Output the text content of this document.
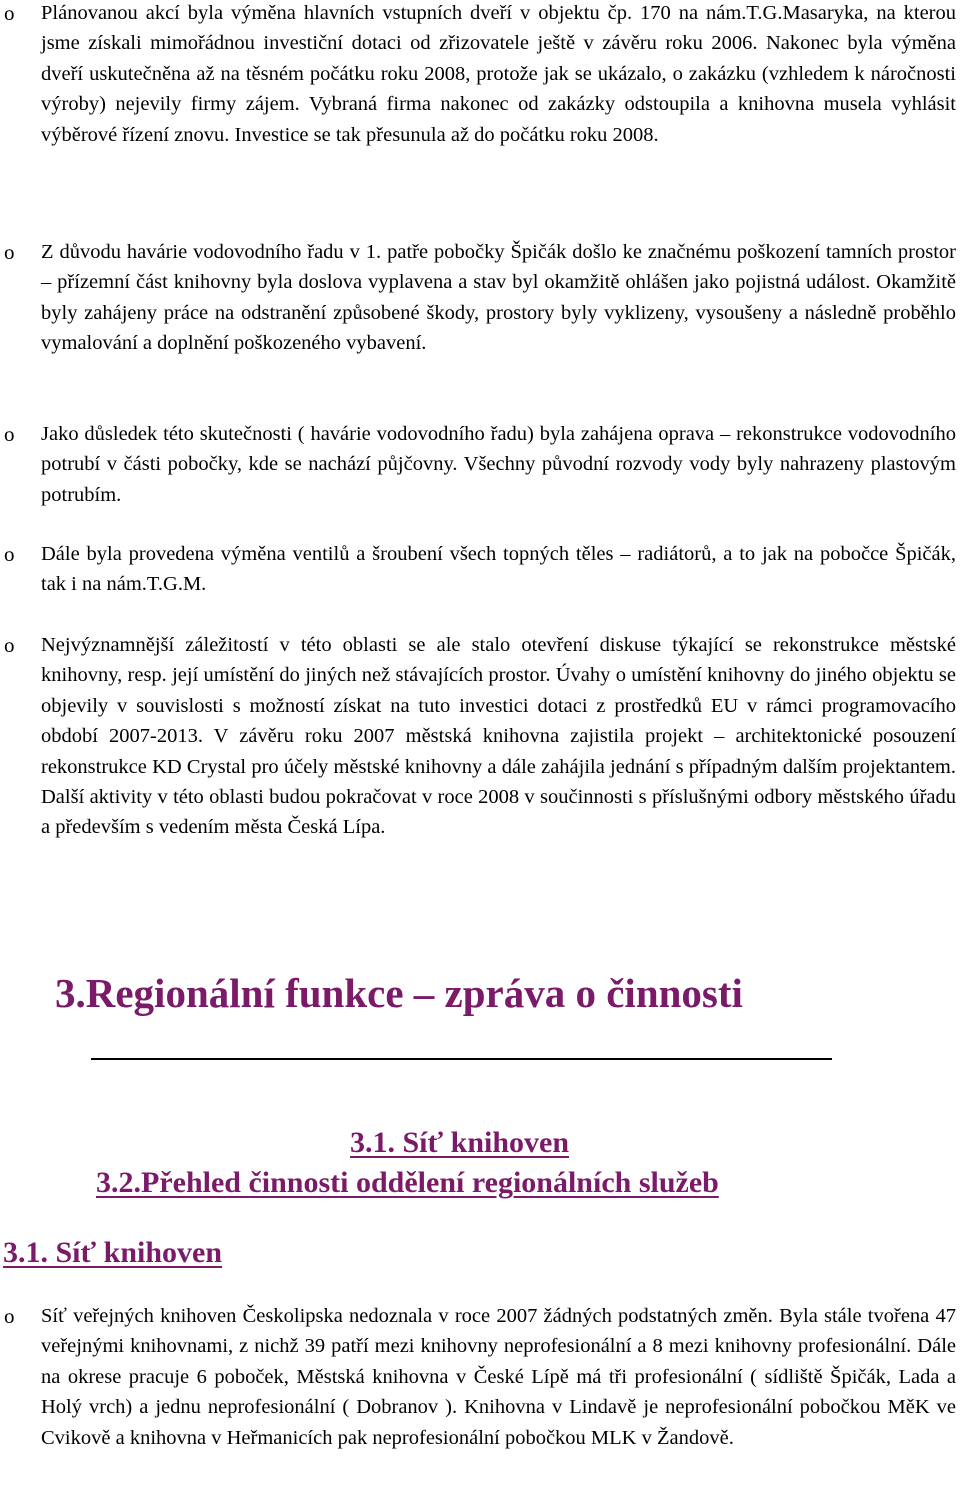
o Plánovanou akcí byla výměna hlavních vstupních dveří v objektu čp. 170 na nám.T.G.Masaryka, na kterou jsme získali mimořádnou investiční dotaci od zřizovatele ještě v závěru roku 2006. Nakonec byla výměna dveří uskutečněna až na těsném počátku roku 2008, protože jak se ukázalo, o zakázku (vzhledem k náročnosti výroby) nejevily firmy zájem. Vybraná firma nakonec od zakázky odstoupila a knihovna musela vyhlásit výběrové řízení znovu. Investice se tak přesunula až do počátku roku 2008.
o Z důvodu havárie vodovodního řadu v 1. patře pobočky Špičák došlo ke značnému poškození tamních prostor – přízemní část knihovny byla doslova vyplavena a stav byl okamžitě ohlášen jako pojistná událost. Okamžitě byly zahájeny práce na odstranění způsobené škody, prostory byly vyklizeny, vysoušeny a následně proběhlo vymalování a doplnění poškozeného vybavení.
o Jako důsledek této skutečnosti ( havárie vodovodního řadu) byla zahájena oprava – rekonstrukce vodovodního potrubí v části pobočky, kde se nachází půjčovny. Všechny původní rozvody vody byly nahrazeny plastovým potrubím.
o Dále byla provedena výměna ventilů a šroubení všech topných těles – radiátorů, a to jak na pobočce Špičák, tak i na nám.T.G.M.
o Nejvýznamnější záležitostí v této oblasti se ale stalo otevření diskuse týkající se rekonstrukce městské knihovny, resp. její umístění do jiných než stávajících prostor. Úvahy o umístění knihovny do jiného objektu se objevily v souvislosti s možností získat na tuto investici dotaci z prostředků EU v rámci programovacího období 2007-2013. V závěru roku 2007 městská knihovna zajistila projekt – architektonické posouzení rekonstrukce KD Crystal pro účely městské knihovny a dále zahájila jednání s případným dalším projektantem. Další aktivity v této oblasti budou pokračovat v roce 2008 v součinnosti s příslušnými odbory městského úřadu a především s vedením města Česká Lípa.
3.Regionální funkce – zpráva o činnosti
3.1. Síť knihoven
3.2.Přehled činnosti oddělení regionálních služeb
3.1. Síť knihoven
o Síť veřejných knihoven Českolipska nedoznala v roce 2007 žádných podstatných změn. Byla stále tvořena 47 veřejnými knihovnami, z nichž 39 patří mezi knihovny neprofesionální a 8 mezi knihovny profesionální. Dále na okrese pracuje 6 poboček, Městská knihovna v České Lípě má tři profesionální ( sídliště Špičák, Lada a Holý vrch) a jednu neprofesionální ( Dobranov ). Knihovna v Lindavě je neprofesionální pobočkou MěK ve Cvikově a knihovna v Heřmanicích pak neprofesionální pobočkou MLK v Žandově.
